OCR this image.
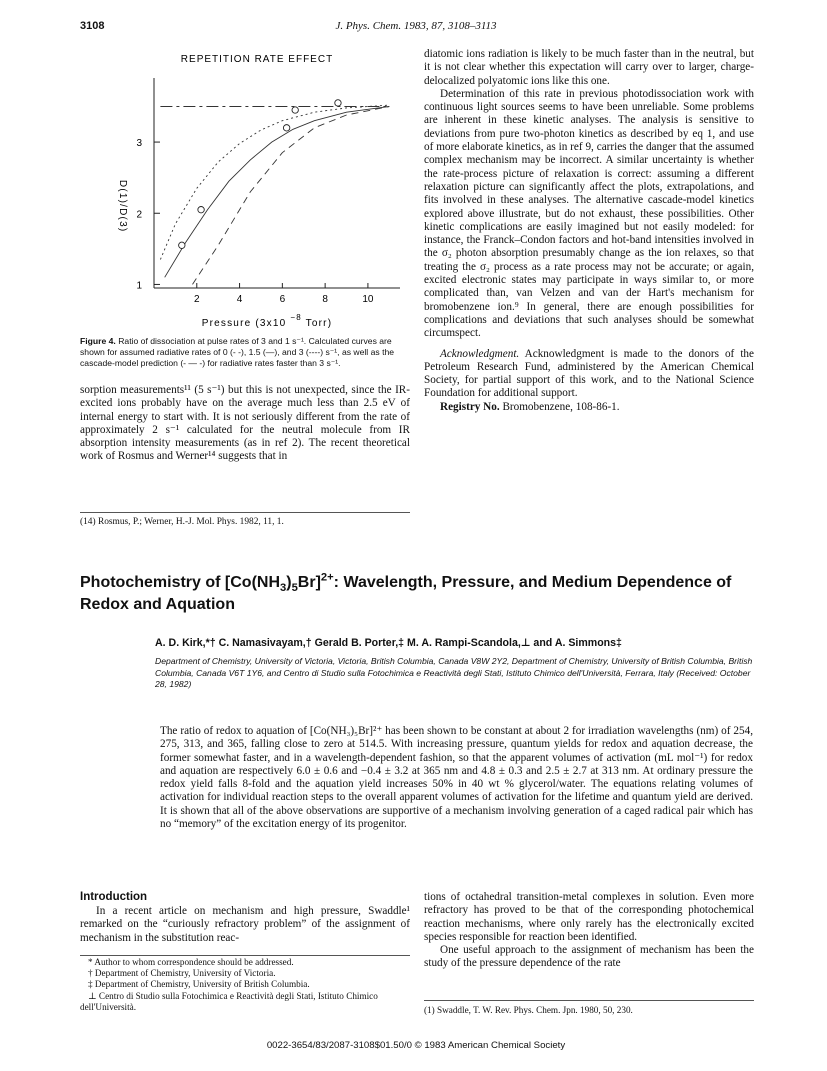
3108	J. Phys. Chem. 1983, 87, 3108–3113
REPETITION RATE EFFECT
2	4	6	8	10
1
2
3
Pressure (3x10 $^{-8}$ Torr)
D(1)/D(3)
Figure 4. Ratio of dissociation at pulse rates of 3 and 1 s⁻¹. Calculated curves are shown for assumed radiative rates of 0 (- -), 1.5 (—), and 3 (----) s⁻¹, as well as the cascade-model prediction (- — -) for radiative rates faster than 3 s⁻¹.

sorption measurements¹¹ (5 s⁻¹) but this is not unexpected, since the IR-excited ions probably have on the average much less than 2.5 eV of internal energy to start with. It is not seriously different from the rate of approximately 2 s⁻¹ calculated for the neutral molecule from IR absorption intensity measurements (as in ref 2). The recent theoretical work of Rosmus and Werner¹⁴ suggests that in

(14) Rosmus, P.; Werner, H.-J. Mol. Phys. 1982, 11, 1.

diatomic ions radiation is likely to be much faster than in the neutral, but it is not clear whether this expectation will carry over to larger, charge-delocalized polyatomic ions like this one.

Determination of this rate in previous photodissociation work with continuous light sources seems to have been unreliable. Some problems are inherent in these kinetic analyses. The analysis is sensitive to deviations from pure two-photon kinetics as described by eq 1, and use of more elaborate kinetics, as in ref 9, carries the danger that the assumed complex mechanism may be incorrect. A similar uncertainty is whether the rate-process picture of relaxation is correct: assuming a different relaxation picture can significantly affect the plots, extrapolations, and fits involved in these analyses. The alternative cascade-model kinetics explored above illustrate, but do not exhaust, these possibilities. Other kinetic complications are easily imagined but not easily modeled: for instance, the Franck–Condon factors and hot-band intensities involved in the σ₂ photon absorption presumably change as the ion relaxes, so that treating the σ₂ process as a rate process may not be accurate; or again, excited electronic states may participate in ways similar to, or more complicated than, van Velzen and van der Hart's mechanism for bromobenzene ion.⁹ In general, there are enough possibilities for complications and deviations that such analyses should be somewhat circumspect.

Acknowledgment. Acknowledgment is made to the donors of the Petroleum Research Fund, administered by the American Chemical Society, for partial support of this work, and to the National Science Foundation for additional support.

Registry No. Bromobenzene, 108-86-1.

Photochemistry of $[Co(NH_3)_5Br]^{2+}$: Wavelength, Pressure, and Medium Dependence of Redox and Aquation
A. D. Kirk,*† C. Namasivayam,† Gerald B. Porter,‡ M. A. Rampi-Scandola,⊥ and A. Simmons‡
Department of Chemistry, University of Victoria, Victoria, British Columbia, Canada V8W 2Y2, Department of Chemistry, University of British Columbia, British Columbia, Canada V6T 1Y6, and Centro di Studio sulla Fotochimica e Reactività degli Stati, Istituto Chimico dell'Università, Ferrara, Italy (Received: October 28, 1982)
The ratio of redox to aquation of [Co(NH₃)₅Br]²⁺ has been shown to be constant at about 2 for irradiation wavelengths (nm) of 254, 275, 313, and 365, falling close to zero at 514.5. With increasing pressure, quantum yields for redox and aquation decrease, the former somewhat faster, and in a wavelength-dependent fashion, so that the apparent volumes of activation (mL mol⁻¹) for redox and aquation are respectively 6.0 ± 0.6 and −0.4 ± 3.2 at 365 nm and 4.8 ± 0.3 and 2.5 ± 2.7 at 313 nm. At ordinary pressure the redox yield falls 8-fold and the aquation yield increases 50% in 40 wt % glycerol/water. The equations relating volumes of activation for individual reaction steps to the overall apparent volumes of activation for the lifetime and quantum yield are derived. It is shown that all of the above observations are supportive of a mechanism involving generation of a caged radical pair which has no “memory” of the excitation energy of its progenitor.
Introduction

In a recent article on mechanism and high pressure, Swaddle¹ remarked on the “curiously refractory problem” of the assignment of mechanism in the substitution reac-

* Author to whom correspondence should be addressed.
† Department of Chemistry, University of Victoria.
‡ Department of Chemistry, University of British Columbia.
⊥ Centro di Studio sulla Fotochimica e Reactività degli Stati, Istituto Chimico dell'Università.

tions of octahedral transition-metal complexes in solution. Even more refractory has proved to be that of the corresponding photochemical reaction mechanisms, where only rarely has the electronically excited species responsible for reaction been identified.

One useful approach to the assignment of mechanism has been the study of the pressure dependence of the rate

(1) Swaddle, T. W. Rev. Phys. Chem. Jpn. 1980, 50, 230.
0022-3654/83/2087-3108$01.50/0 © 1983 American Chemical Society
